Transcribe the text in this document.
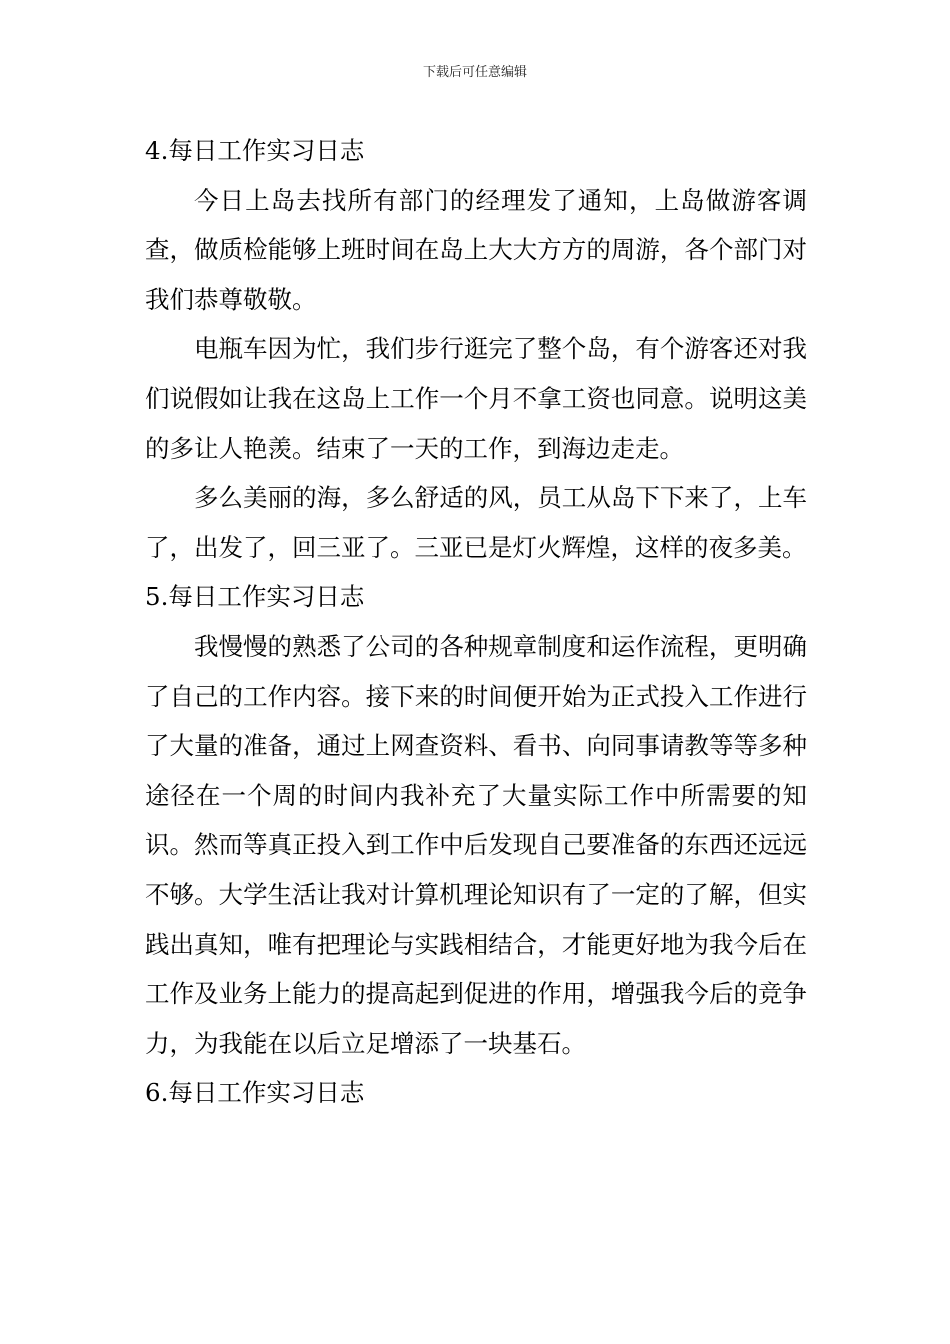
下载后可任意编辑
4.每日工作实习日志

今日上岛去找所有部门的经理发了通知，上岛做游客调查，做质检能够上班时间在岛上大大方方的周游，各个部门对我们恭尊敬敬。

电瓶车因为忙，我们步行逛完了整个岛，有个游客还对我们说假如让我在这岛上工作一个月不拿工资也同意。说明这美的多让人艳羡。结束了一天的工作，到海边走走。

多么美丽的海，多么舒适的风，员工从岛下下来了，上车了，出发了，回三亚了。三亚已是灯火辉煌，这样的夜多美。

5.每日工作实习日志

我慢慢的熟悉了公司的各种规章制度和运作流程，更明确了自己的工作内容。接下来的时间便开始为正式投入工作进行了大量的准备，通过上网查资料、看书、向同事请教等等多种途径在一个周的时间内我补充了大量实际工作中所需要的知识。然而等真正投入到工作中后发现自己要准备的东西还远远不够。大学生活让我对计算机理论知识有了一定的了解，但实践出真知，唯有把理论与实践相结合，才能更好地为我今后在工作及业务上能力的提高起到促进的作用，增强我今后的竞争力，为我能在以后立足增添了一块基石。

6.每日工作实习日志
